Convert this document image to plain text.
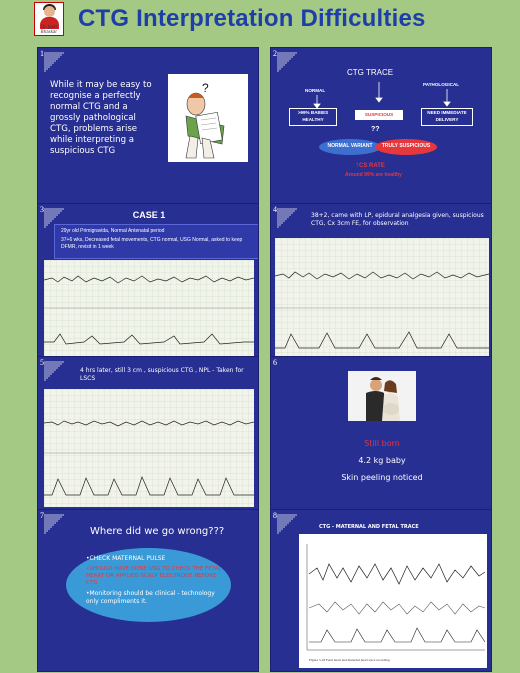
Dr. Jyoti Bhaskar CTG Interpretation Difficulties
1
While it may be easy to recognise a perfectly normal CTG and a grossly pathological CTG, problems arise while interpreting a suspicious CTG
?
2
CTG TRACE
NORMAL
PATHOLOGICAL
>99% BABIES HEALTHY
SUSPICIOUS	NEED IMMEDIATE DELIVERY
??
NORMAL VARIANT	TRULY SUSPICIOUS
↑CS RATE
Around 99% are healthy
3
CASE 1
29yr old Primigravida, Normal Antenatal period
37+6 wks, Decreased fetal movements, CTG normal, USG Normal, asked to keep DFMR, revisit in 1 week
4
38+2, came with LP, epidural analgesia given, suspicious CTG, Cx 3cm FE, for observation
5
4 hrs later, still 3 cm , suspicious CTG , NPL - Taken for LSCS
6
Still born
4.2 kg baby
Skin peeling noticed
7
Where did we go wrong???
•CHECK MATERNAL PULSE
•SHOULD HAVE DONE USG TO CHECK THE FETAL HEART OR APPLIED SCALP ELECTRODE BEFORE CTG
•Monitoring should be clinical - technology only compliments it.
8
CTG - MATERNAL AND FETAL TRACE
Figure 5.18 Fetal heart and maternal heart trace recording
